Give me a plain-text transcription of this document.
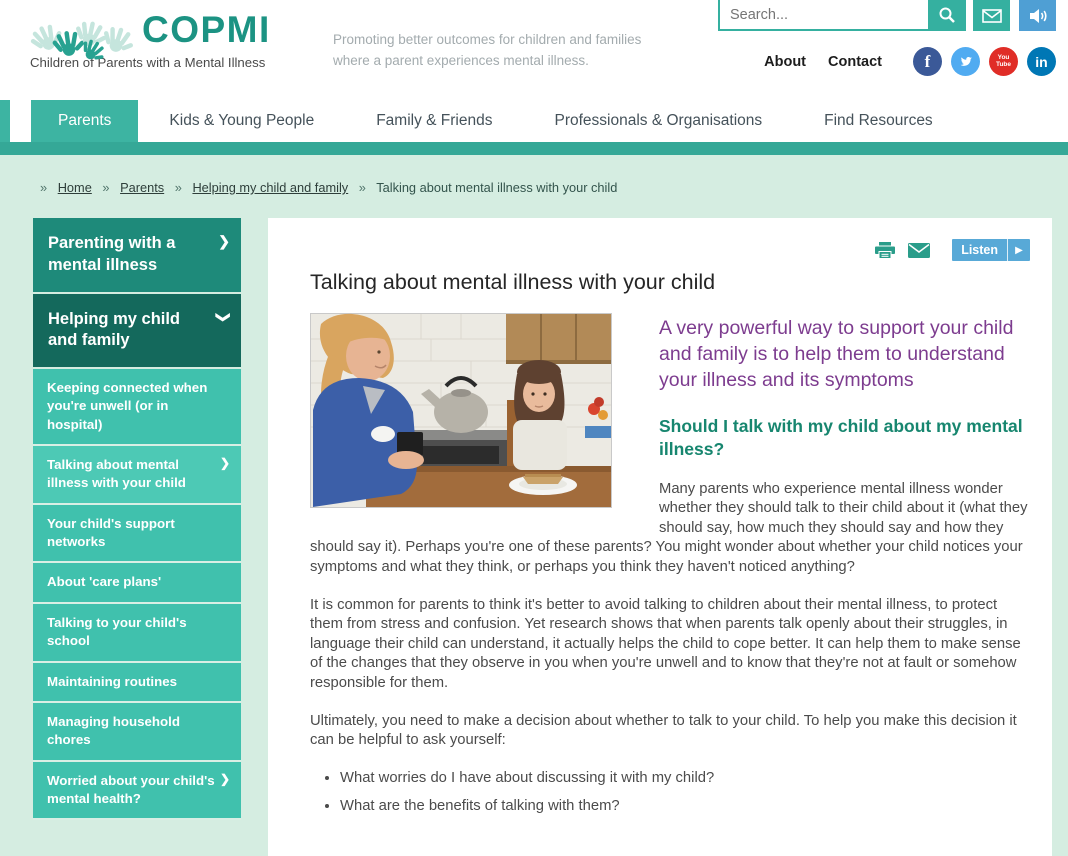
COPMI
Children of Parents with a Mental Illness

Promoting better outcomes for children and families where a parent experiences mental illness.

Search...	About Contact	f	You
Tube in
Parents	Kids & Young People	Family & Friends	Professionals & Organisations	Find Resources
» Home » Parents » Helping my child and family » Talking about mental illness with your child
Parenting with a mental illness
❯
Helping my child and family
❯
Keeping connected when you're unwell (or in hospital)
Talking about mental illness with your child
❯
Your child's support networks
About 'care plans'
Talking to your child's school
Maintaining routines
Managing household chores
Worried about your child's mental health?
❯
Listen
▶
Talking about mental illness with your child

A very powerful way to support your child and family is to help them to understand your illness and its symptoms

Should I talk with my child about my mental illness?

Many parents who experience mental illness wonder whether they should talk to their child about it (what they should say, how much they should say and how they should say it). Perhaps you're one of these parents? You might wonder about whether your child notices your symptoms and what they think, or perhaps you think they haven't noticed anything?

It is common for parents to think it's better to avoid talking to children about their mental illness, to protect them from stress and confusion. Yet research shows that when parents talk openly about their struggles, in language their child can understand, it actually helps the child to cope better. It can help them to make sense of the changes that they observe in you when you're unwell and to know that they're not at fault or somehow responsible for them.

Ultimately, you need to make a decision about whether to talk to your child. To help you make this decision it can be helpful to ask yourself:

• What worries do I have about discussing it with my child?
• What are the benefits of talking with them?
